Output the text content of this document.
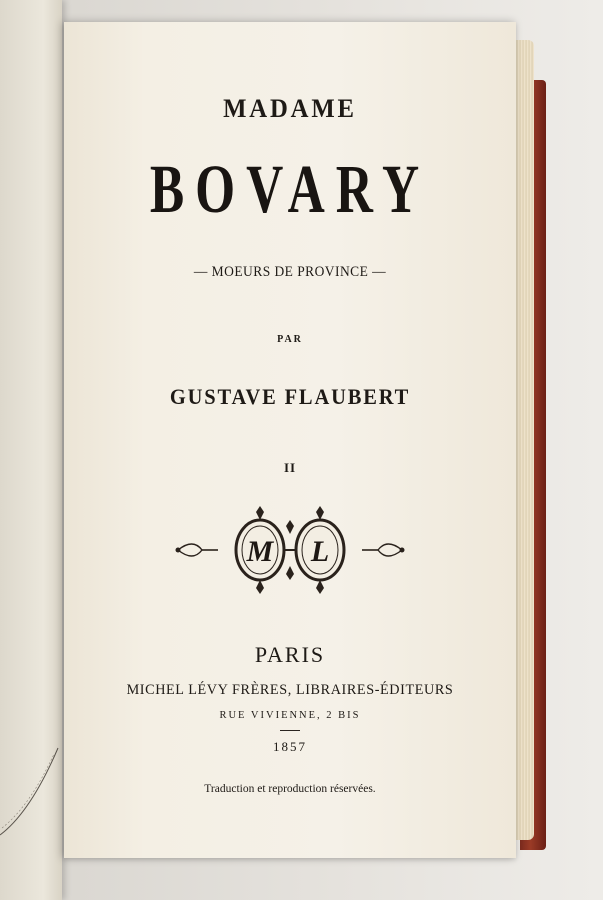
MADAME
BOVARY
— MOEURS DE PROVINCE —
PAR
GUSTAVE FLAUBERT
II
M L
PARIS
MICHEL LÉVY FRÈRES, LIBRAIRES-ÉDITEURS
RUE VIVIENNE, 2 BIS
1857
Traduction et reproduction réservées.
